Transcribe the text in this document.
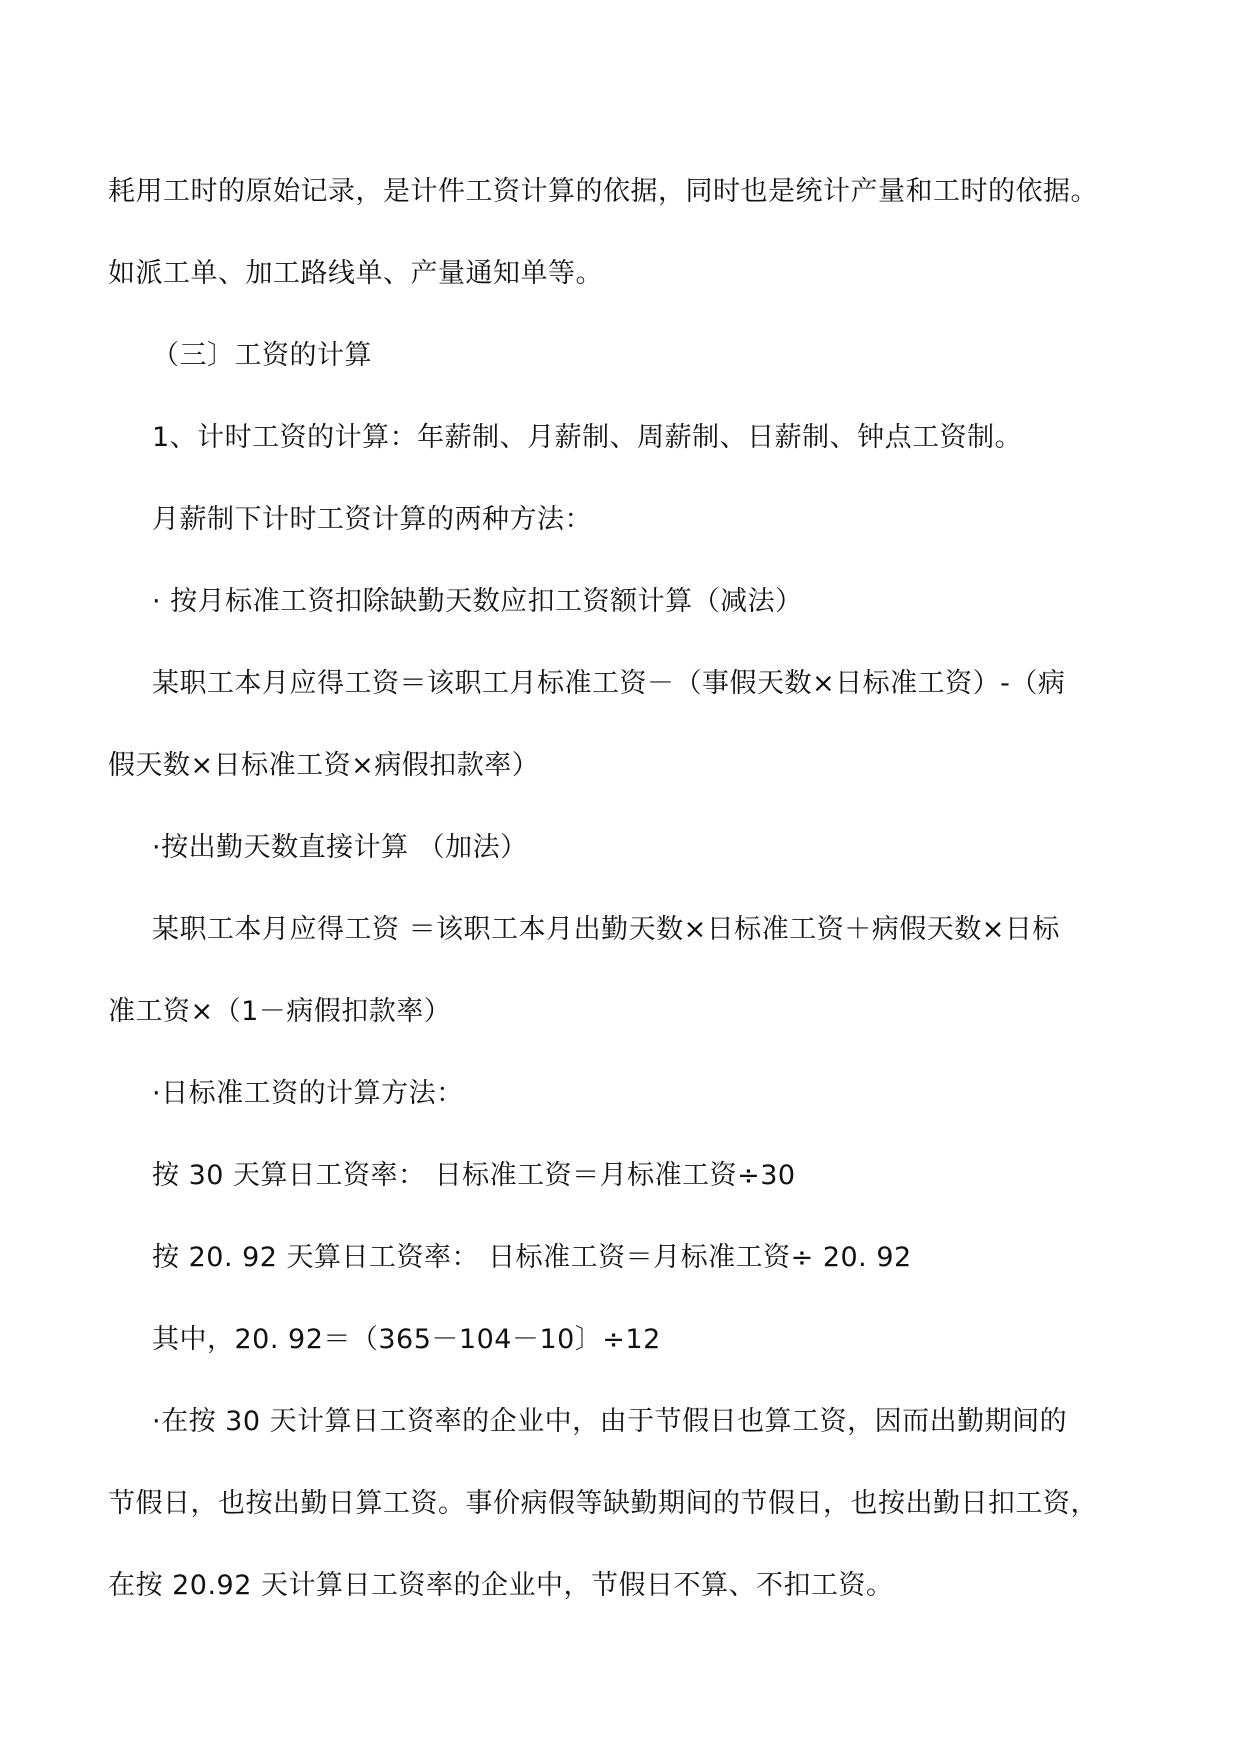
耗用工时的原始记录，是计件工资计算的依据，同时也是统计产量和工时的依据。

如派工单、加工路线单、产量通知单等。

（三〕工资的计算

1、计时工资的计算：年薪制、月薪制、周薪制、日薪制、钟点工资制。

月薪制下计时工资计算的两种方法：

· 按月标准工资扣除缺勤天数应扣工资额计算（减法）

某职工本月应得工资＝该职工月标准工资－（事假天数×日标准工资）-（病

假天数×日标准工资×病假扣款率）

·按出勤天数直接计算 （加法）

某职工本月应得工资 ＝该职工本月出勤天数×日标准工资＋病假天数×日标

准工资×（1－病假扣款率）

·日标准工资的计算方法：

按 30 天算日工资率： 日标准工资＝月标准工资÷30

按 20. 92 天算日工资率： 日标准工资＝月标准工资÷ 20. 92

其中，20. 92＝（365－104－10〕÷12

·在按 30 天计算日工资率的企业中，由于节假日也算工资，因而出勤期间的

节假日，也按出勤日算工资。事价病假等缺勤期间的节假日，也按出勤日扣工资，

在按 20.92 天计算日工资率的企业中，节假日不算、不扣工资。
